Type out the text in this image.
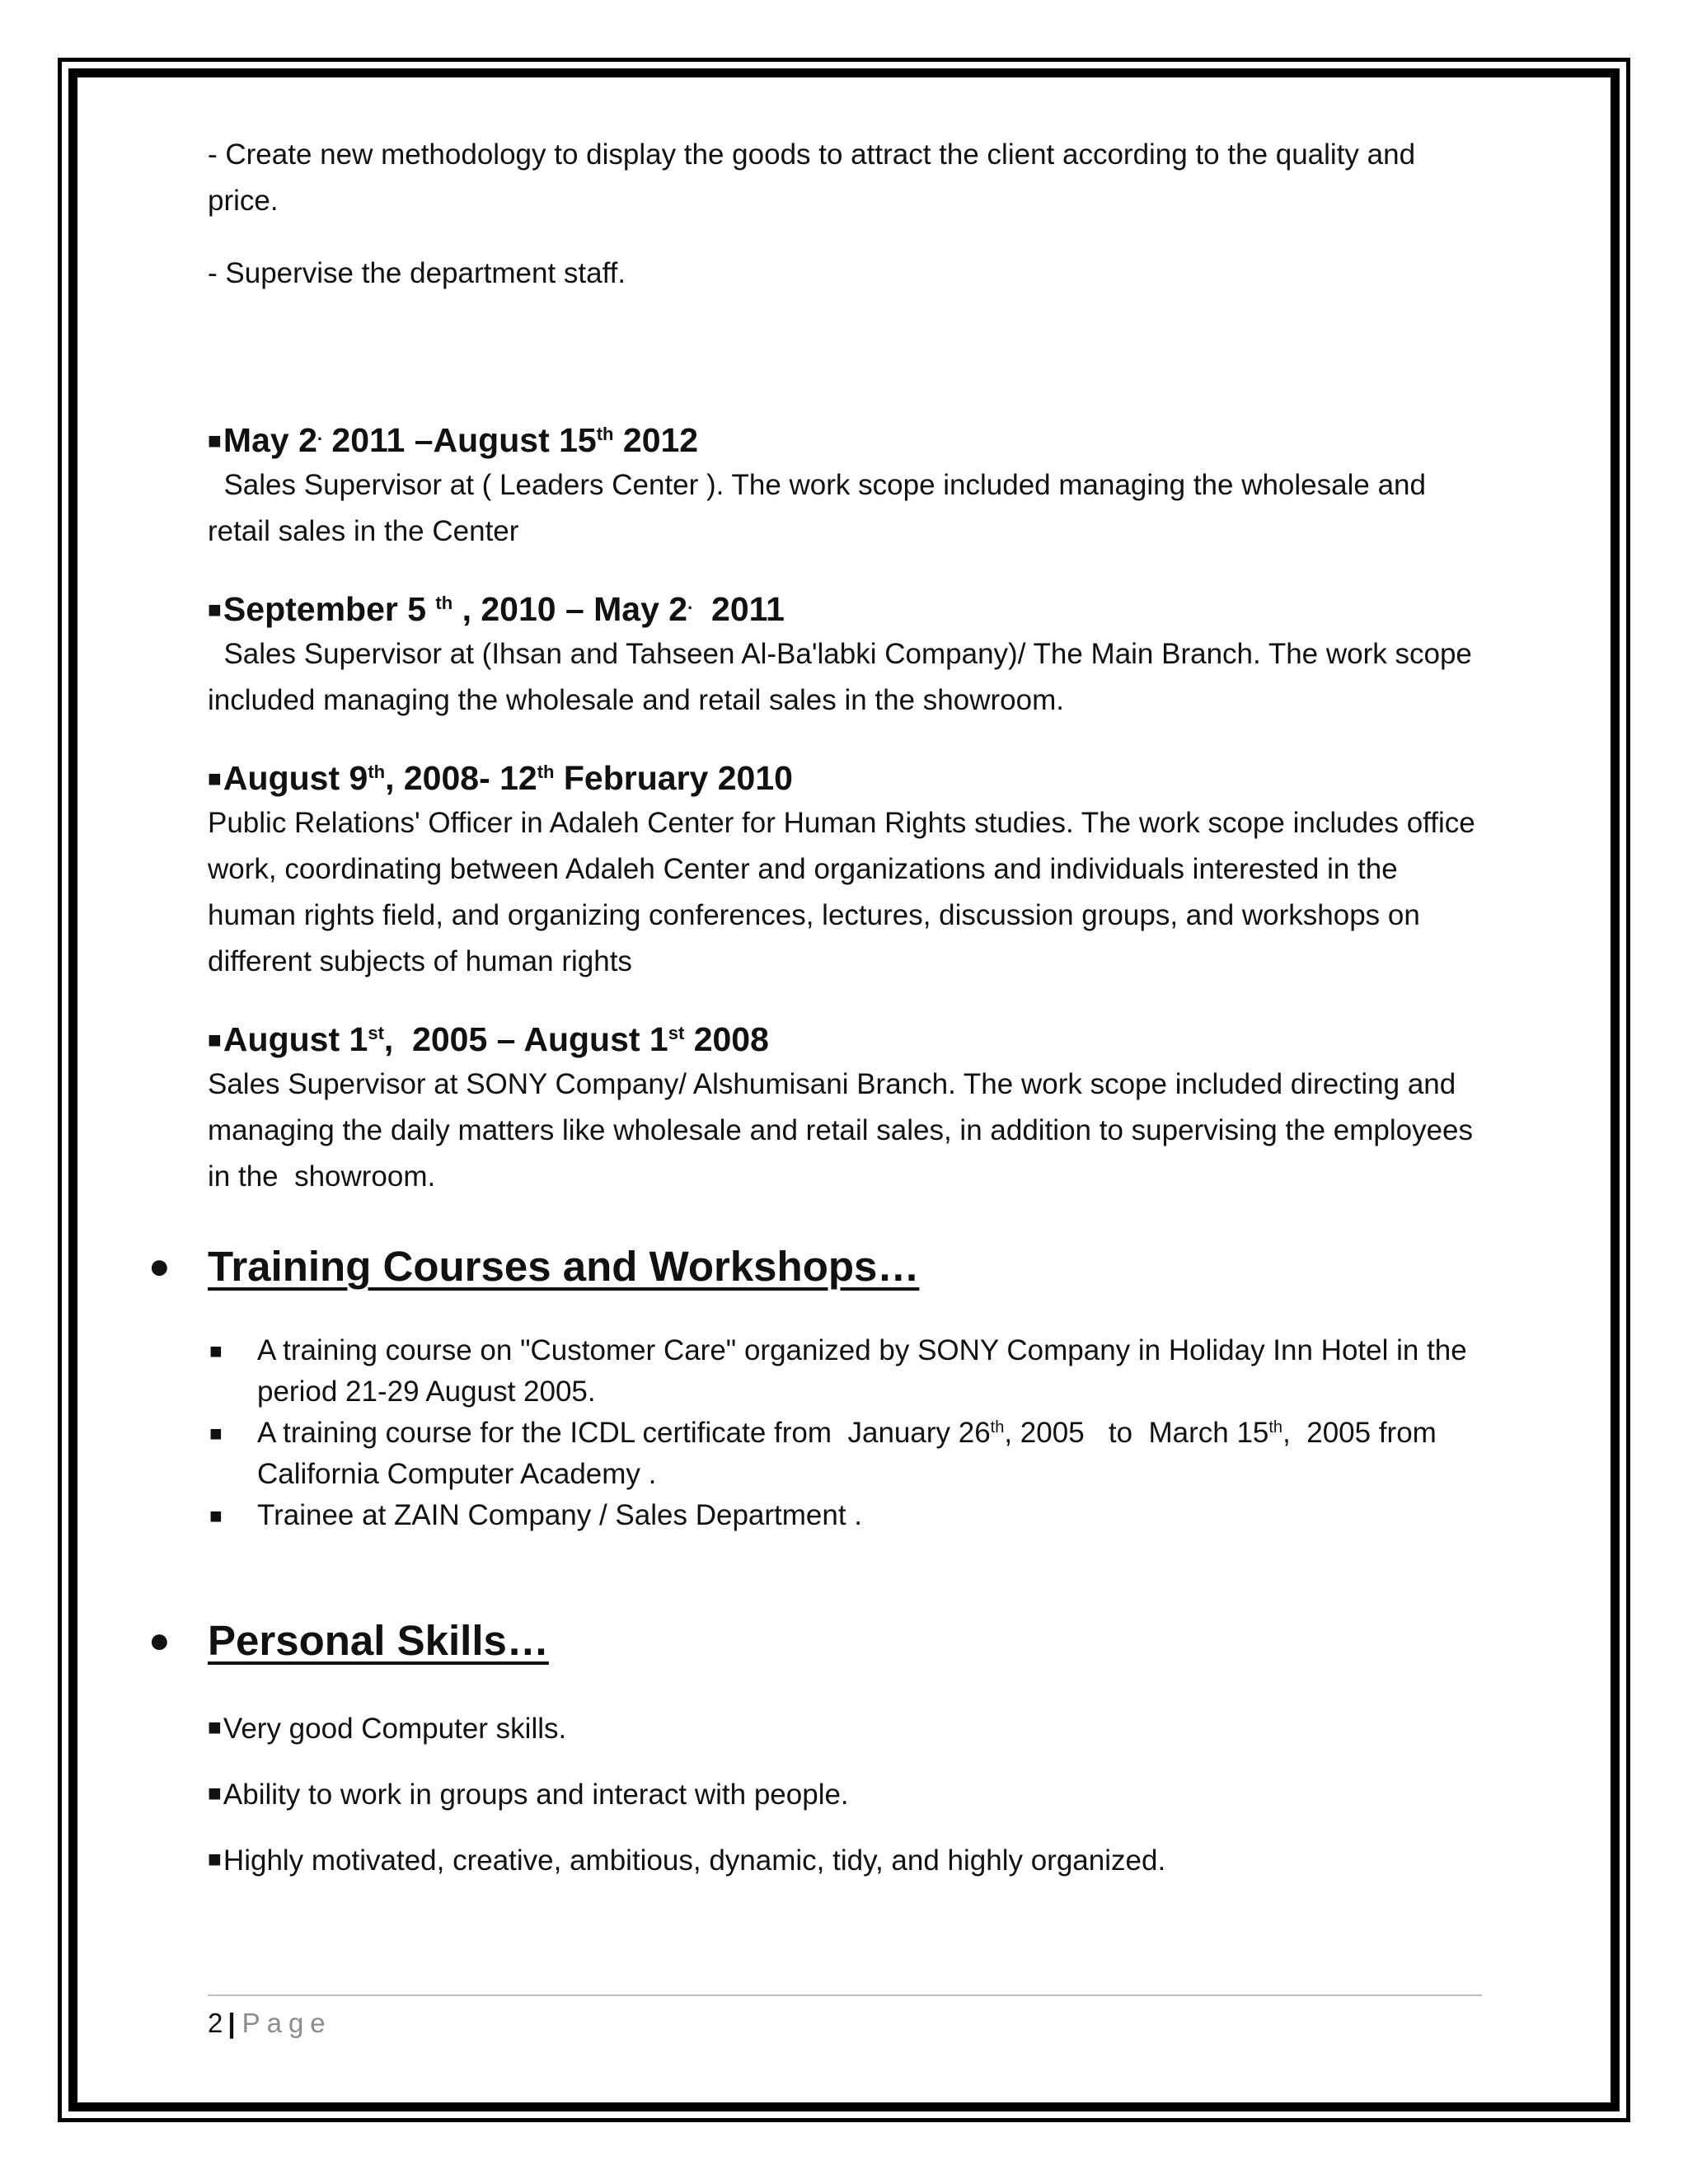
- Create new methodology to display the goods to attract the client according to the quality and price.

- Supervise the department staff.

■May 2. 2011 –August 15th 2012

Sales Supervisor at ( Leaders Center ). The work scope included managing the wholesale and retail sales in the Center

■September 5 $^{th}$ , 2010 – May 2.  2011

Sales Supervisor at (Ihsan and Tahseen Al-Ba'labki Company)/ The Main Branch. The work scope included managing the wholesale and retail sales in the showroom.

■August 9th, 2008- 12th February 2010

Public Relations' Officer in Adaleh Center for Human Rights studies. The work scope includes office work, coordinating between Adaleh Center and organizations and individuals interested in the human rights field, and organizing conferences, lectures, discussion groups, and workshops on different subjects of human rights

■August 1st,  2005 – August 1st 2008

Sales Supervisor at SONY Company/ Alshumisani Branch. The work scope included directing and managing the daily matters like wholesale and retail sales, in addition to supervising the employees in the  showroom.

● Training Courses and Workshops…
■ A training course on "Customer Care" organized by SONY Company in Holiday Inn Hotel in the period 21-29 August 2005.
■ A training course for the ICDL certificate from  January 26th, 2005   to  March 15th,  2005 from California Computer Academy .
■ Trainee at ZAIN Company / Sales Department .
● Personal Skills…

■Very good Computer skills.

■Ability to work in groups and interact with people.

■Highly motivated, creative, ambitious, dynamic, tidy, and highly organized.

2 | Page
